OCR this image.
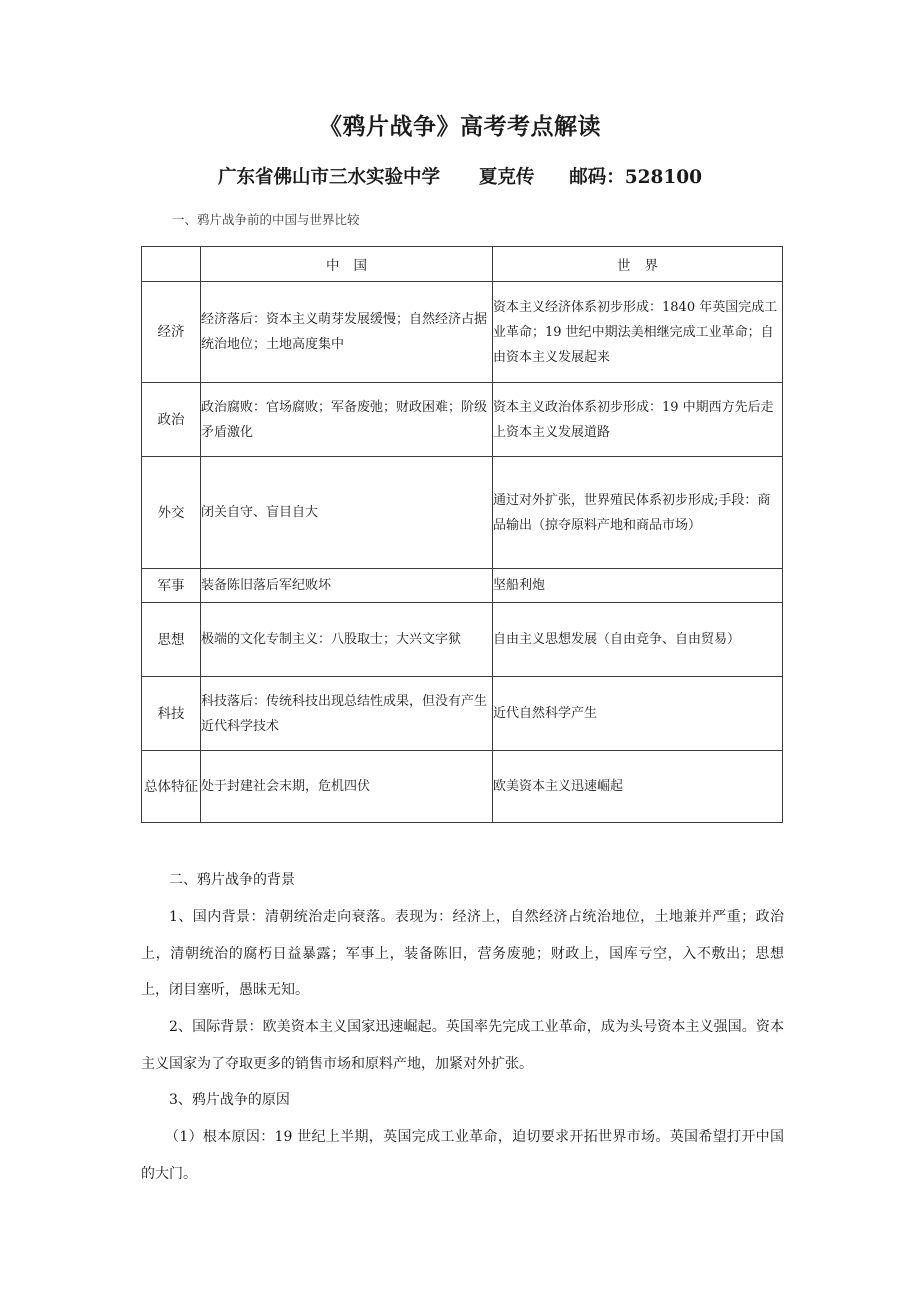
《鸦片战争》高考考点解读
广东省佛山市三水实验中学 夏克传 邮码：528100
一、鸦片战争前的中国与世界比较
	中国	世界
经济	经济落后：资本主义萌芽发展缓慢；自然经济占据统治地位；土地高度集中	资本主义经济体系初步形成：1840 年英国完成工业革命；19 世纪中期法美相继完成工业革命；自由资本主义发展起来
政治	政治腐败：官场腐败；军备废弛；财政困难；阶级矛盾激化	资本主义政治体系初步形成：19 中期西方先后走上资本主义发展道路
外交	闭关自守、盲目自大	通过对外扩张，世界殖民体系初步形成;手段：商品输出（掠夺原料产地和商品市场）
军事	装备陈旧落后军纪败坏	坚船利炮
思想	极端的文化专制主义：八股取士；大兴文字狱	自由主义思想发展（自由竞争、自由贸易）
科技	科技落后：传统科技出现总结性成果，但没有产生近代科学技术	近代自然科学产生
总体特征	处于封建社会末期，危机四伏	欧美资本主义迅速崛起
二、鸦片战争的背景
1、国内背景：清朝统治走向衰落。表现为：经济上，自然经济占统治地位，土地兼并严重；政治上，清朝统治的腐朽日益暴露；军事上，装备陈旧，营务废驰；财政上，国库亏空，入不敷出；思想上，闭目塞听，愚昧无知。
2、国际背景：欧美资本主义国家迅速崛起。英国率先完成工业革命，成为头号资本主义强国。资本主义国家为了夺取更多的销售市场和原料产地，加紧对外扩张。
3、鸦片战争的原因
（1）根本原因：19 世纪上半期，英国完成工业革命，迫切要求开拓世界市场。英国希望打开中国的大门。
